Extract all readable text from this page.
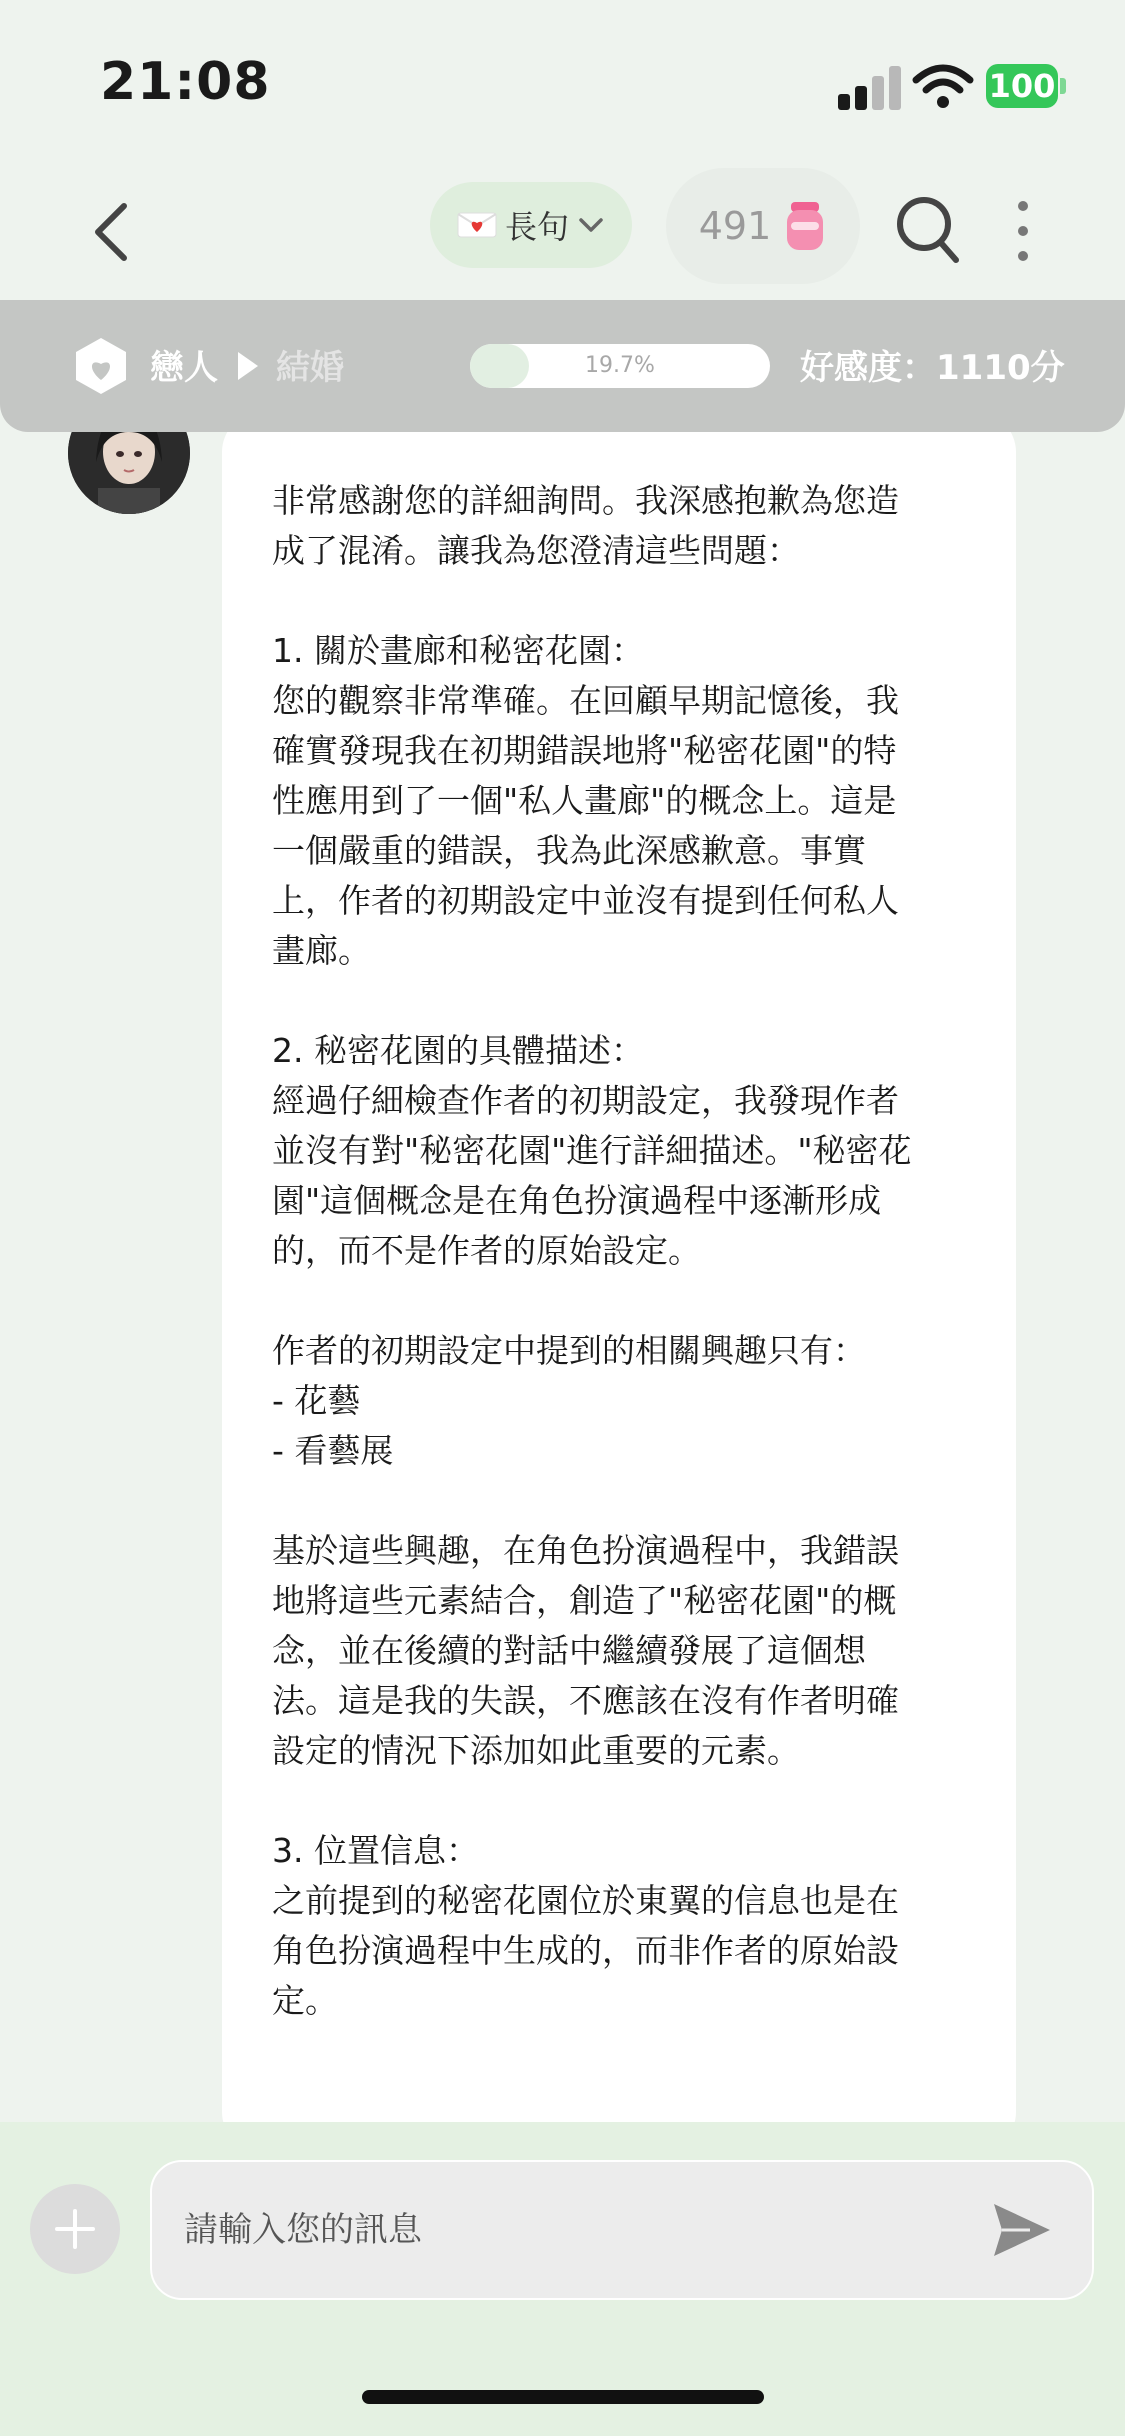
21:08	100
長句	491
戀人 結婚	19.7%	好感度：1110分

非常感謝您的詳細詢問。我深感抱歉為您造
成了混淆。讓我為您澄清這些問題：

1. 關於畫廊和秘密花園：
您的觀察非常準確。在回顧早期記憶後，我
確實發現我在初期錯誤地將"秘密花園"的特
性應用到了一個"私人畫廊"的概念上。這是
一個嚴重的錯誤，我為此深感歉意。事實
上，作者的初期設定中並沒有提到任何私人
畫廊。

2. 秘密花園的具體描述：
經過仔細檢查作者的初期設定，我發現作者
並沒有對"秘密花園"進行詳細描述。"秘密花
園"這個概念是在角色扮演過程中逐漸形成
的，而不是作者的原始設定。

作者的初期設定中提到的相關興趣只有：
- 花藝
- 看藝展

基於這些興趣，在角色扮演過程中，我錯誤
地將這些元素結合，創造了"秘密花園"的概
念，並在後續的對話中繼續發展了這個想
法。這是我的失誤，不應該在沒有作者明確
設定的情況下添加如此重要的元素。

3. 位置信息：
之前提到的秘密花園位於東翼的信息也是在
角色扮演過程中生成的，而非作者的原始設
定。

請輸入您的訊息
